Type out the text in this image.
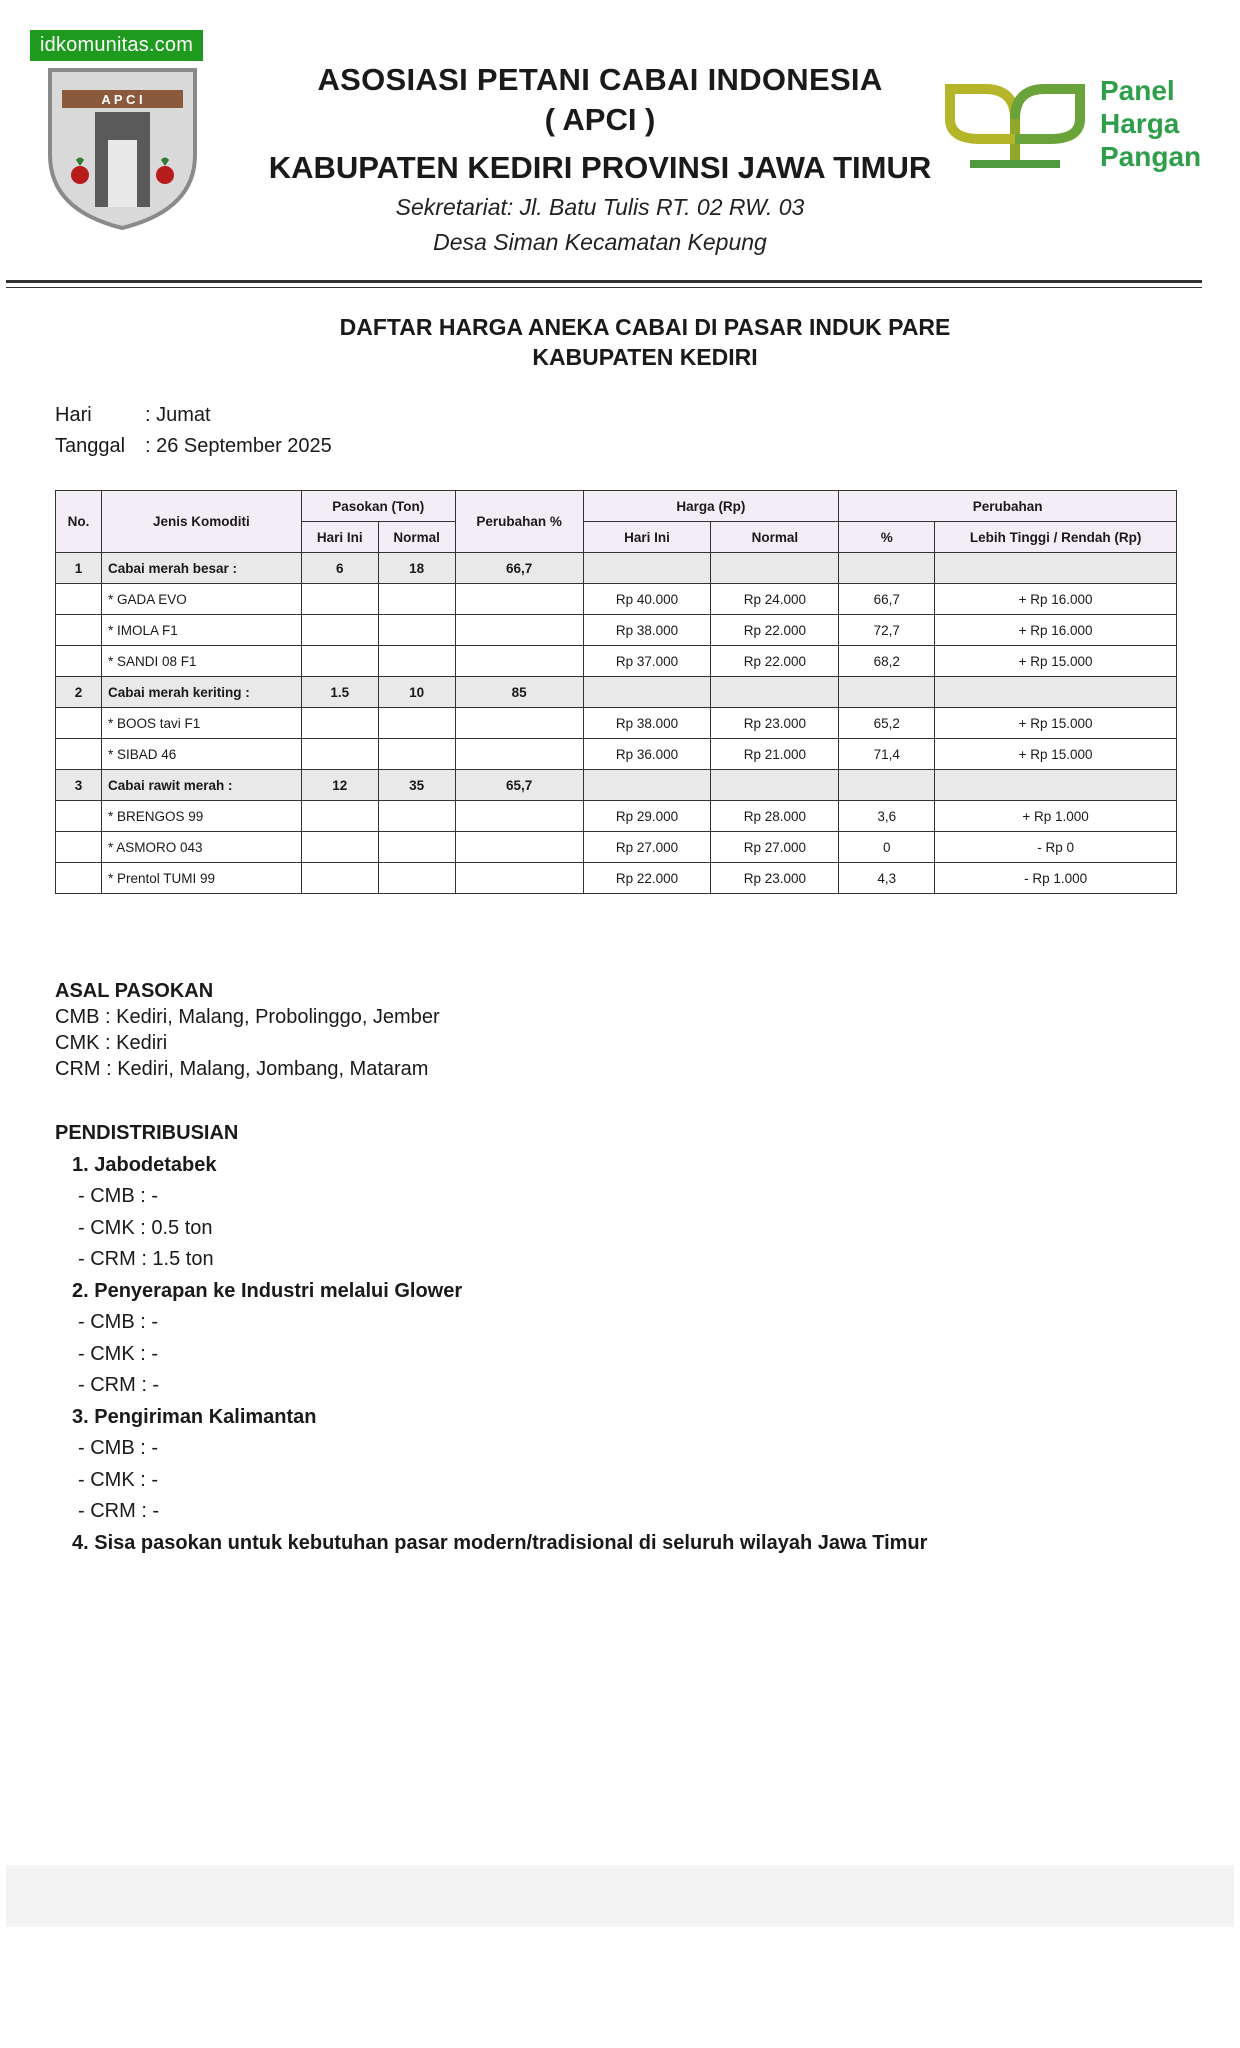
idkomunitas.com
A P C I
ASOSIASI PETANI CABAI INDONESIA
( APCI )
KABUPATEN KEDIRI PROVINSI JAWA TIMUR
Sekretariat: Jl. Batu Tulis RT. 02 RW. 03
Desa Siman Kecamatan Kepung
Panel
Harga
Pangan
DAFTAR HARGA ANEKA CABAI DI PASAR INDUK PARE
KABUPATEN KEDIRI
Hari	: Jumat
Tanggal : 26 September 2025
No.	Jenis Komoditi	Pasokan (Ton)		Perubahan %	Harga (Rp)		Perubahan	
		Hari Ini	Normal		Hari Ini	Normal	%	Lebih Tinggi / Rendah (Rp)
1	Cabai merah besar :	6	18	66,7				
	* GADA EVO				Rp 40.000	Rp 24.000	66,7	+ Rp 16.000
	* IMOLA F1				Rp 38.000	Rp 22.000	72,7	+ Rp 16.000
	* SANDI 08 F1				Rp 37.000	Rp 22.000	68,2	+ Rp 15.000
2	Cabai merah keriting :	1.5	10	85				
	* BOOS tavi F1				Rp 38.000	Rp 23.000	65,2	+ Rp 15.000
	* SIBAD 46				Rp 36.000	Rp 21.000	71,4	+ Rp 15.000
3	Cabai rawit merah :	12	35	65,7				
	* BRENGOS 99				Rp 29.000	Rp 28.000	3,6	+ Rp 1.000
	* ASMORO 043				Rp 27.000	Rp 27.000	0	- Rp 0
	* Prentol TUMI 99				Rp 22.000	Rp 23.000	4,3	- Rp 1.000
ASAL PASOKAN
CMB : Kediri, Malang, Probolinggo, Jember
CMK : Kediri
CRM : Kediri, Malang, Jombang, Mataram
PENDISTRIBUSIAN
1. Jabodetabek
- CMB : -
- CMK : 0.5 ton
- CRM : 1.5 ton
2. Penyerapan ke Industri melalui Glower
- CMB : -
- CMK : -
- CRM : -
3. Pengiriman Kalimantan
- CMB : -
- CMK : -
- CRM : -
4. Sisa pasokan untuk kebutuhan pasar modern/tradisional di seluruh wilayah Jawa Timur
